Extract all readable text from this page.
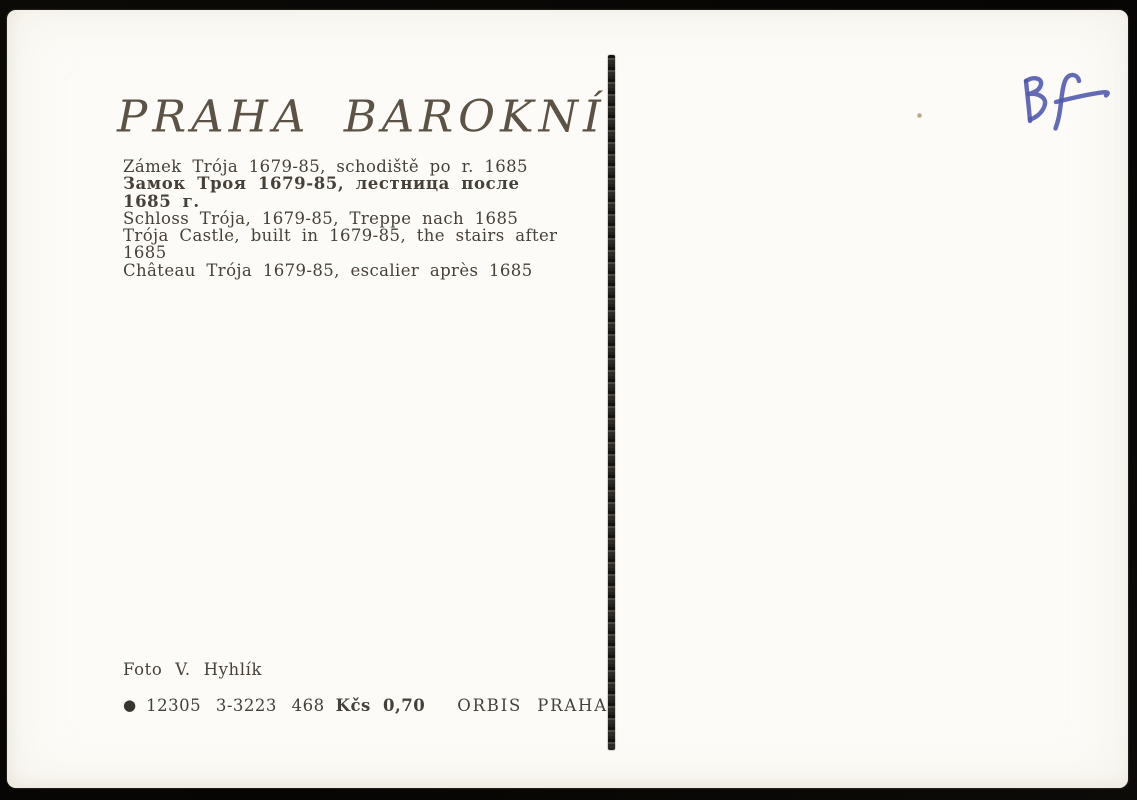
PRAHA BAROKNÍ
Zámek Trója 1679-85, schodiště po r. 1685
Замок Троя 1679-85, лестница после
1685 г.
Schloss Trója, 1679-85, Treppe nach 1685
Trója Castle, built in 1679-85, the stairs after
1685
Château Trója 1679-85, escalier après 1685
Foto V. Hyhlík
● 12305 3-3223 468 Kčs 0,70 ORBIS PRAHA
